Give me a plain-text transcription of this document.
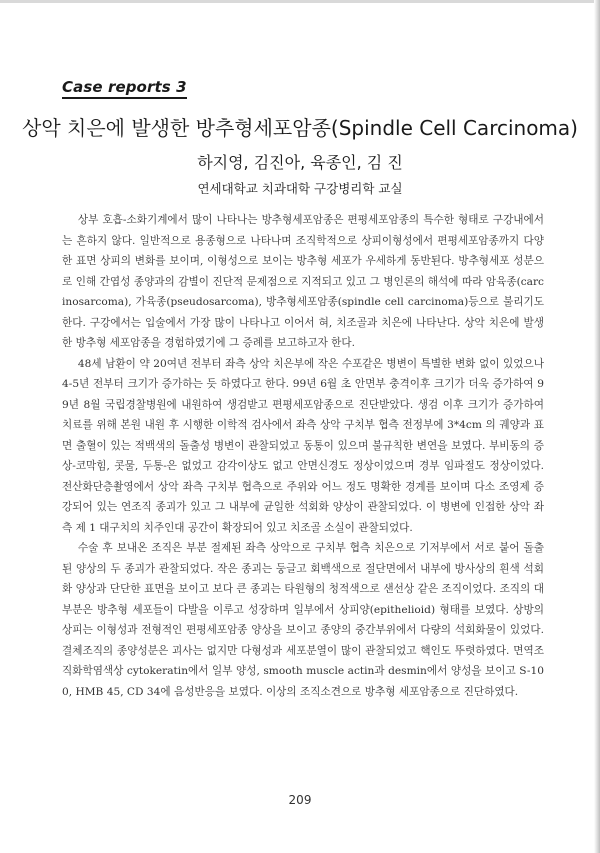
Case reports 3
상악 치은에 발생한 방추형세포암종(Spindle Cell Carcinoma)
하지영, 김진아, 육종인, 김 진
연세대학교 치과대학 구강병리학 교실

상부 호흡-소화기계에서 많이 나타나는 방추형세포암종은 편평세포암종의 특수한 형태로 구강내에서는 흔하지 않다. 일반적으로 용종형으로 나타나며 조직학적으로 상피이형성에서 편평세포암종까지 다양한 표면 상피의 변화를 보이며, 이형성으로 보이는 방추형 세포가 우세하게 동반된다. 방추형세포 성분으로 인해 간엽성 종양과의 감별이 진단적 문제점으로 지적되고 있고 그 병인론의 해석에 따라 암육종(carcinosarcoma), 가육종(pseudosarcoma), 방추형세포암종(spindle cell carcinoma)등으로 불리기도 한다. 구강에서는 입술에서 가장 많이 나타나고 이어서 혀, 치조골과 치은에 나타난다. 상악 치은에 발생한 방추형 세포암종을 경험하였기에 그 증례를 보고하고자 한다.

48세 남환이 약 20여년 전부터 좌측 상악 치은부에 작은 수포같은 병변이 특별한 변화 없이 있었으나 4-5년 전부터 크기가 증가하는 듯 하였다고 한다. 99년 6월 초 안면부 충격이후 크기가 더욱 증가하여 99년 8월 국립경찰병원에 내원하여 생검받고 편평세포암종으로 진단받았다. 생검 이후 크기가 증가하여 치료를 위해 본원 내원 후 시행한 이학적 검사에서 좌측 상악 구치부 협측 전정부에 3*4cm 의 궤양과 표면 출혈이 있는 적백색의 돌출성 병변이 관찰되었고 동통이 있으며 불규칙한 변연을 보였다. 부비동의 증상-코막힘, 콧물, 두통-은 없었고 감각이상도 없고 안면신경도 정상이었으며 경부 임파절도 정상이었다. 전산화단층촬영에서 상악 좌측 구치부 협측으로 주위와 어느 정도 명확한 경계를 보이며 다소 조영제 증강되어 있는 연조직 종괴가 있고 그 내부에 균일한 석회화 양상이 관찰되었다. 이 병변에 인접한 상악 좌측 제 1 대구치의 치주인대 공간이 확장되어 있고 치조골 소실이 관찰되었다.

수술 후 보내온 조직은 부분 절제된 좌측 상악으로 구치부 협측 치은으로 기저부에서 서로 붙어 돌출된 양상의 두 종괴가 관찰되었다. 작은 종괴는 둥글고 회백색으로 절단면에서 내부에 방사상의 흰색 석회화 양상과 단단한 표면을 보이고 보다 큰 종괴는 타원형의 청적색으로 샌선상 같은 조직이었다. 조직의 대부분은 방추형 세포들이 다발을 이루고 성장하며 일부에서 상피양(epithelioid) 형태를 보였다. 상방의 상피는 이형성과 전형적인 편평세포암종 양상을 보이고 종양의 중간부위에서 다량의 석회화물이 있었다. 결체조직의 종양성분은 괴사는 없지만 다형성과 세포분열이 많이 관찰되었고 핵인도 뚜렷하였다. 면역조직화학염색상 cytokeratin에서 일부 양성, smooth muscle actin과 desmin에서 양성을 보이고 S-100, HMB 45, CD 34에 음성반응을 보였다. 이상의 조직소견으로 방추형 세포암종으로 진단하였다.

209
